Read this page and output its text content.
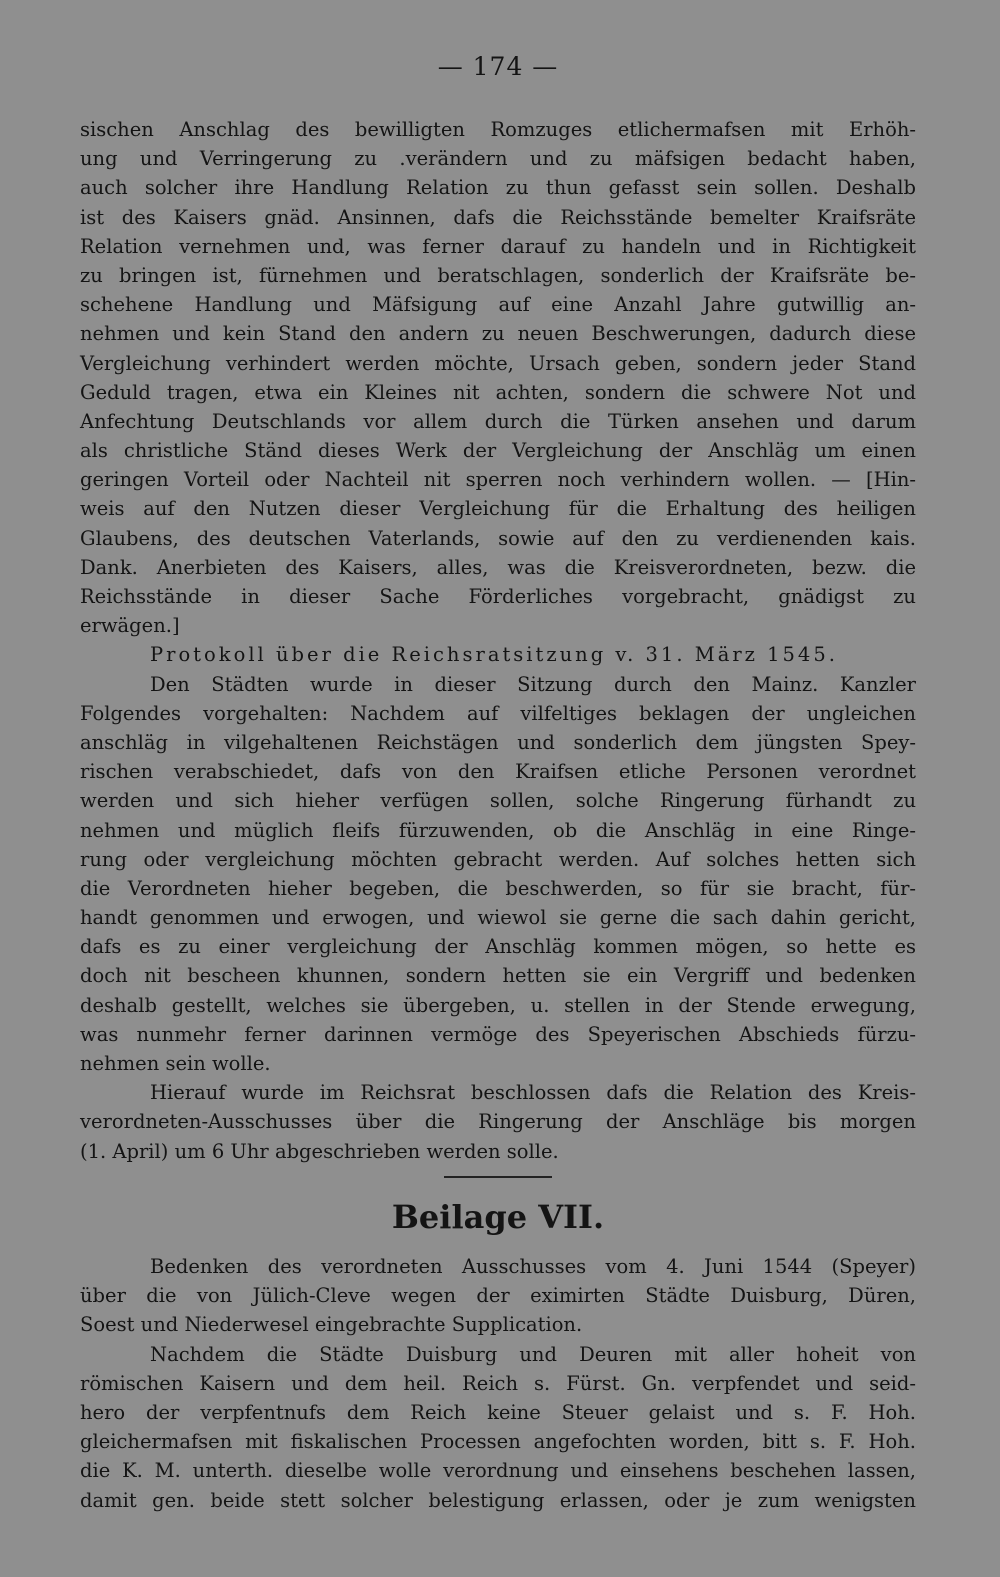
— 174 —
sischen Anschlag des bewilligten Romzuges etlichermafsen mit Erhöh-
ung und Verringerung zu .verändern und zu mäfsigen bedacht haben,
auch solcher ihre Handlung Relation zu thun gefasst sein sollen. Deshalb
ist des Kaisers gnäd. Ansinnen, dafs die Reichsstände bemelter Kraifsräte
Relation vernehmen und, was ferner darauf zu handeln und in Richtigkeit
zu bringen ist, fürnehmen und beratschlagen, sonderlich der Kraifsräte be-
schehene Handlung und Mäfsigung auf eine Anzahl Jahre gutwillig an-
nehmen und kein Stand den andern zu neuen Beschwerungen, dadurch diese
Vergleichung verhindert werden möchte, Ursach geben, sondern jeder Stand
Geduld tragen, etwa ein Kleines nit achten, sondern die schwere Not und
Anfechtung Deutschlands vor allem durch die Türken ansehen und darum
als christliche Ständ dieses Werk der Vergleichung der Anschläg um einen
geringen Vorteil oder Nachteil nit sperren noch verhindern wollen. — [Hin-
weis auf den Nutzen dieser Vergleichung für die Erhaltung des heiligen
Glaubens, des deutschen Vaterlands, sowie auf den zu verdienenden kais.
Dank. Anerbieten des Kaisers, alles, was die Kreisverordneten, bezw. die
Reichsstände in dieser Sache Förderliches vorgebracht, gnädigst zu
erwägen.]
Protokoll über die Reichsratsitzung v. 31. März 1545.
Den Städten wurde in dieser Sitzung durch den Mainz. Kanzler
Folgendes vorgehalten: Nachdem auf vilfeltiges beklagen der ungleichen
anschläg in vilgehaltenen Reichstägen und sonderlich dem jüngsten Spey-
rischen verabschiedet, dafs von den Kraifsen etliche Personen verordnet
werden und sich hieher verfügen sollen, solche Ringerung fürhandt zu
nehmen und müglich fleifs fürzuwenden, ob die Anschläg in eine Ringe-
rung oder vergleichung möchten gebracht werden. Auf solches hetten sich
die Verordneten hieher begeben, die beschwerden, so für sie bracht, für-
handt genommen und erwogen, und wiewol sie gerne die sach dahin gericht,
dafs es zu einer vergleichung der Anschläg kommen mögen, so hette es
doch nit bescheen khunnen, sondern hetten sie ein Vergriff und bedenken
deshalb gestellt, welches sie übergeben, u. stellen in der Stende erwegung,
was nunmehr ferner darinnen vermöge des Speyerischen Abschieds fürzu-
nehmen sein wolle.
Hierauf wurde im Reichsrat beschlossen dafs die Relation des Kreis-
verordneten-Ausschusses über die Ringerung der Anschläge bis morgen
(1. April) um 6 Uhr abgeschrieben werden solle.
Beilage VII.
Bedenken des verordneten Ausschusses vom 4. Juni 1544 (Speyer)
über die von Jülich-Cleve wegen der eximirten Städte Duisburg, Düren,
Soest und Niederwesel eingebrachte Supplication.
Nachdem die Städte Duisburg und Deuren mit aller hoheit von
römischen Kaisern und dem heil. Reich s. Fürst. Gn. verpfendet und seid-
hero der verpfentnufs dem Reich keine Steuer gelaist und s. F. Hoh.
gleichermafsen mit fiskalischen Processen angefochten worden, bitt s. F. Hoh.
die K. M. unterth. dieselbe wolle verordnung und einsehens beschehen lassen,
damit gen. beide stett solcher belestigung erlassen, oder je zum wenigsten
